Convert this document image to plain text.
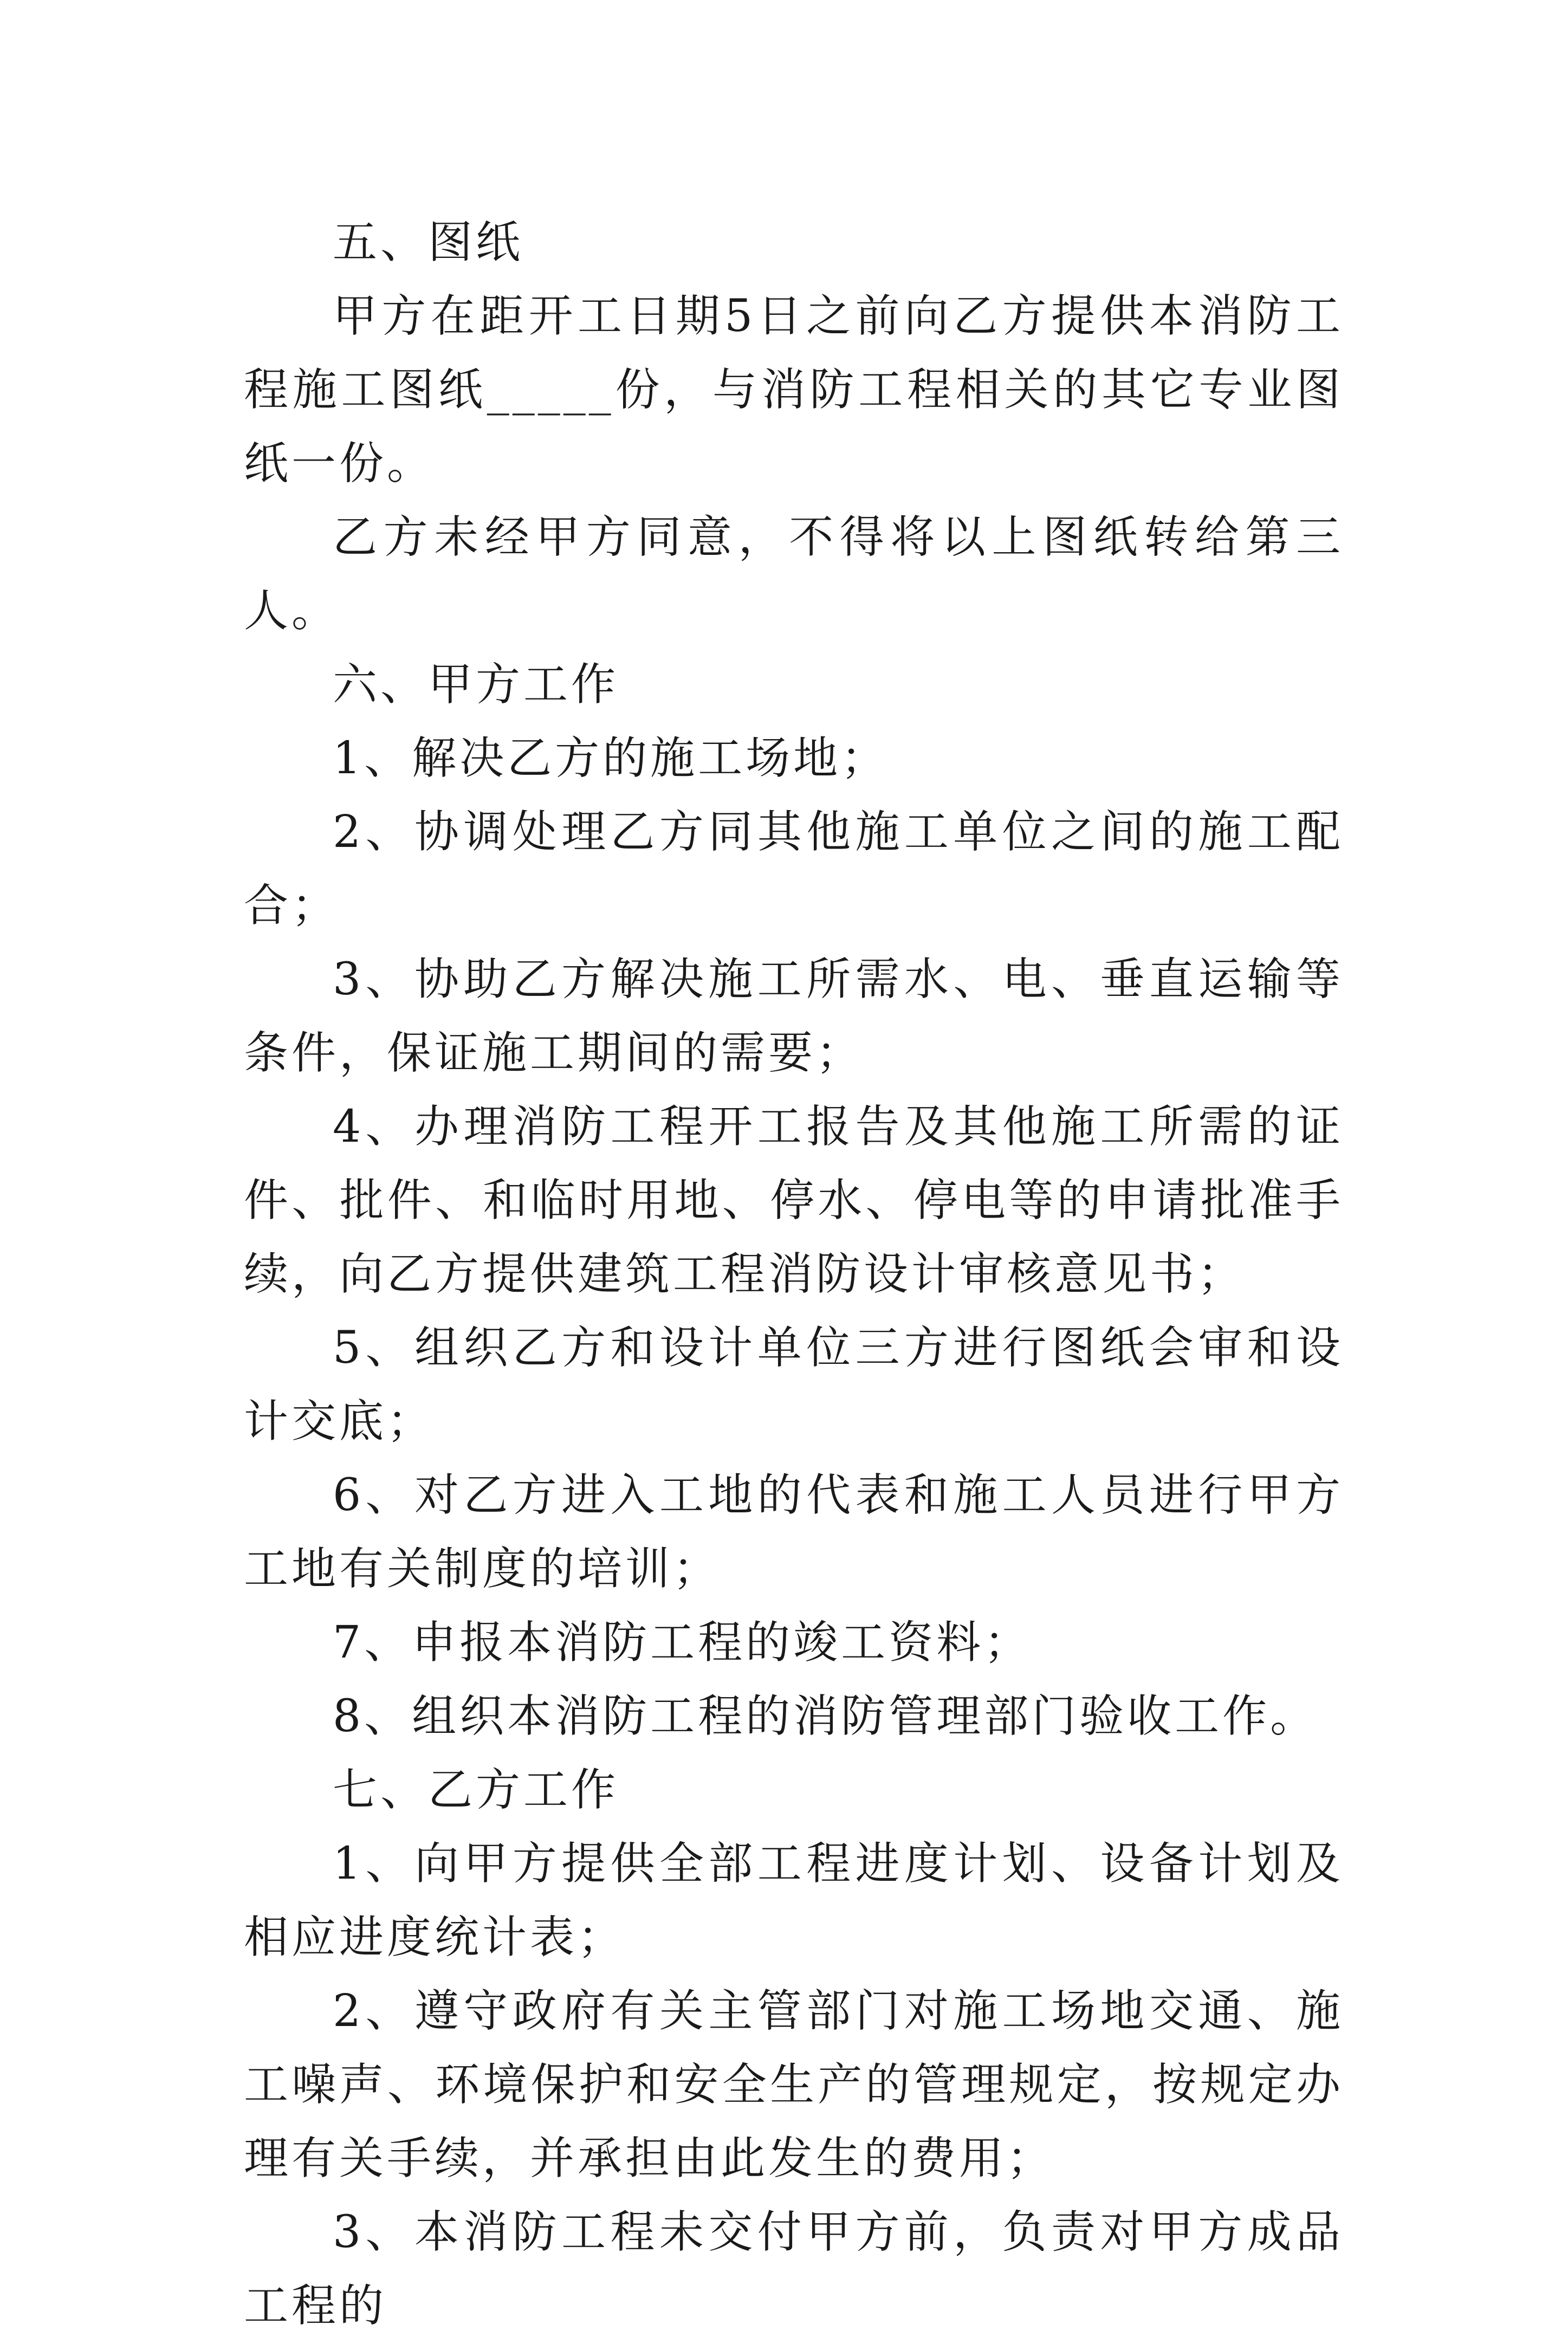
五、图纸

甲方在距开工日期5日之前向乙方提供本消防工程施工图纸_____份，与消防工程相关的其它专业图纸一份。

乙方未经甲方同意，不得将以上图纸转给第三人。

六、甲方工作

1、解决乙方的施工场地；

2、协调处理乙方同其他施工单位之间的施工配合；

3、协助乙方解决施工所需水、电、垂直运输等条件，保证施工期间的需要；

4、办理消防工程开工报告及其他施工所需的证件、批件、和临时用地、停水、停电等的申请批准手续，向乙方提供建筑工程消防设计审核意见书；

5、组织乙方和设计单位三方进行图纸会审和设计交底；

6、对乙方进入工地的代表和施工人员进行甲方工地有关制度的培训；

7、申报本消防工程的竣工资料；

8、组织本消防工程的消防管理部门验收工作。

七、乙方工作

1、向甲方提供全部工程进度计划、设备计划及相应进度统计表；

2、遵守政府有关主管部门对施工场地交通、施工噪声、环境保护和安全生产的管理规定，按规定办理有关手续，并承担由此发生的费用；

3、本消防工程未交付甲方前，负责对甲方成品工程的
